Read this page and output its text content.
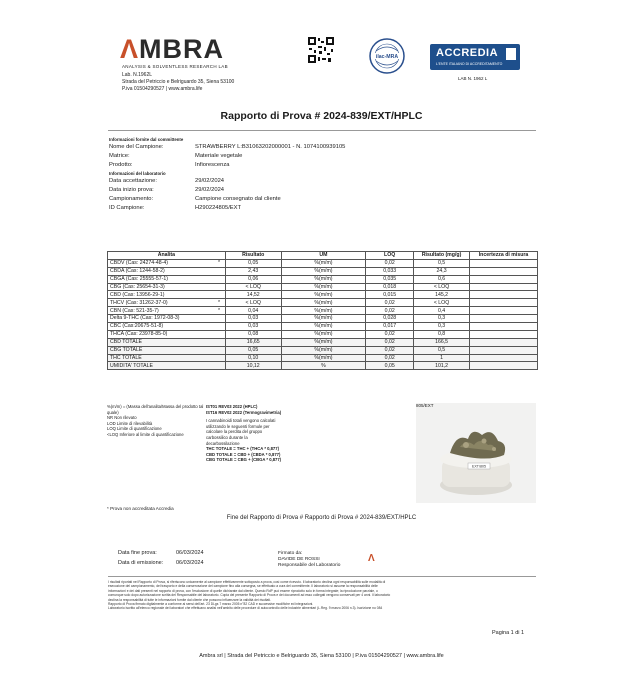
ΛMBRA
ANALYSIS & SOLVENTLESS RESEARCH LAB
Lab. N.1962L
Strada del Petriccio e Belriguardo 35, Siena 53100
P.iva 01504290527 | www.ambra.life
ilac-MRA	ACCREDIA
L'ENTE ITALIANO DI ACCREDITAMENTO
LAB N. 1962 L
Rapporto di Prova # 2024-839/EXT/HPLC
Informazioni fornite dal committente
Nome del Campione:	STRAWBERRY L:B31063202000001 - N. 1074100939105
Matrice:	Materiale vegetale
Prodotto:	Infiorescenza
Informazioni del laboratorio
Data accettazione:	29/02/2024
Data inizio prova:	29/02/2024
Campionamento:	Campione consegnato dal cliente
ID Campione:	H290224805/EXT
Analita		Risultato	UM	LOQ	Risultato (mg/g)	Incertezza di misura
CBDV (Cas: 24274-48-4)	*	0,05	%(m/m)	0,02	0,5	
CBDA (Cas: 1244-58-2)		2,43	%(m/m)	0,033	24,3	
CBGA (Cas: 25555-57-1)		0,06	%(m/m)	0,035	0,6	
CBG (Cas: 25654-31-3)		< LOQ	%(m/m)	0,018	< LOQ	
CBD (Cas: 13956-29-1)		14,52	%(m/m)	0,015	145,2	
THCV (Cas: 31262-37-0)	*	< LOQ	%(m/m)	0,02	< LOQ	
CBN (Cas: 521-35-7)	*	0,04	%(m/m)	0,02	0,4	
Delta 9-THC (Cas: 1972-08-3)		0,03	%(m/m)	0,028	0,3	
CBC (Cas:20675-51-8)		0,03	%(m/m)	0,017	0,3	
THCA (Cas: 23978-85-0)		0,08	%(m/m)	0,02	0,8	
CBD TOTALE		16,65	%(m/m)	0,02	166,5	
CBG TOTALE		0,05	%(m/m)	0,02	0,5	
THC TOTALE		0,10	%(m/m)	0,02	1	
UMIDITA' TOTALE		10,12	%	0,05	101,2	
%(m/m) = (Massa dell'analita/Massa del prodotto tal quale)
NR Non rilevato
LOD Limite di rilevabilità
LOQ Limite di quantificazione
<LOQ Inferiore al limite di quantificazione
IST01 REV03 2022 (HPLC)
IST16 REV02 2022 (Termogravimetria)
I cannabinoidi totali vengono calcolati
utilizzando le seguenti formule per
calcolare la perdita del gruppo
carbossilico durante la
decarbossilazione
THC TOTALE = THC + (THCA * 0,877)
CBD TOTALE = CBD + (CBDA * 0,877)
CBG TOTALE = CBG + (CBGA * 0,877)
805/EXT
EXT/805
* Prova non accreditata Accredia
Fine del Rapporto di Prova # Rapporto di Prova # 2024-839/EXT/HPLC
Data fine prova:	06/03/2024
Data di emissione: 06/03/2024
Firmato da:
DAVIDE DE ROSSI
Responsabile del Laboratorio
Λ
I risultati riportati nel Rapporto di Prova, si riferiscono unicamente al campione effettivamente sottoposto a prova, così come ricevuto. Il laboratorio declina ogni responsabilità sulle modalità di
esecuzione del campionamento, del trasporto e della conservazione del campione fino alla consegna, se effettuato a cura del committente. Il laboratorio si assume la responsabilità delle
informazioni e dei dati presenti nel rapporto di prova, con l'esclusione di quelle dichiarate dal cliente. Questo RdP può essere riprodotto solo in forma integrale; la riproduzione parziale, o
comunque solo dopo autorizzazione scritta del Responsabile del laboratorio. Copia del presente Rapporto di Prova e dei documenti ad esso collegati vengono conservati per 4 anni. Il laboratorio
declina la responsabilità di tutte le informazioni fornite dal cliente che possono influenzare la validità dei risultati.
Rapporto di Prova firmato digitalmente a conforme ai sensi dell'art. 23 DLgs 7 marzo 2005 n°82 CAD e successive modifiche ed integrazioni.
Laboratorio iscritto all'elenco regionale dei laboratori che effettuano analisi nell'ambito delle procedure di autocontrollo delle industrie alimentari (L.Reg. 9 marzo 2006 n.3). Iscrizione no 084
Pagina 1 di 1
Ambra srl | Strada del Petriccio e Belriguardo 35, Siena 53100 | P.iva 01504290527 | www.ambra.life
